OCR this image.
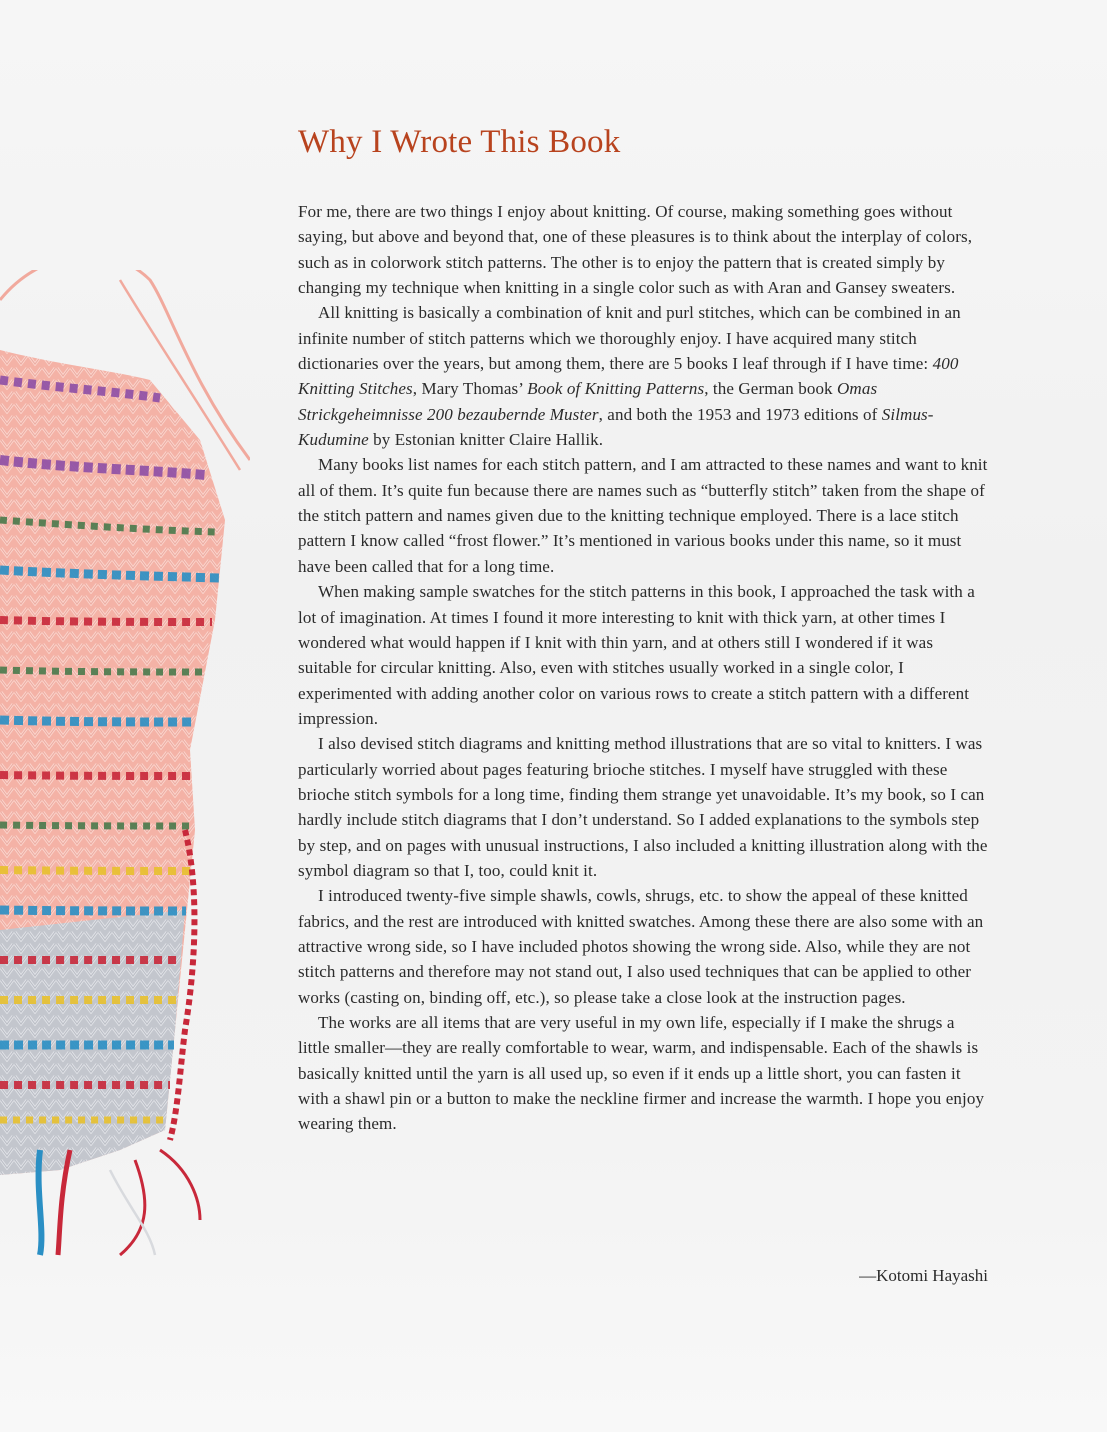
Why I Wrote This Book

For me, there are two things I enjoy about knitting. Of course, making something goes without saying, but above and beyond that, one of these pleasures is to think about the interplay of colors, such as in colorwork stitch patterns. The other is to enjoy the pattern that is created simply by changing my technique when knitting in a single color such as with Aran and Gansey sweaters.

All knitting is basically a combination of knit and purl stitches, which can be combined in an infinite number of stitch patterns which we thoroughly enjoy. I have acquired many stitch dictionaries over the years, but among them, there are 5 books I leaf through if I have time: 400 Knitting Stitches, Mary Thomas’ Book of Knitting Patterns, the German book Omas Strickgeheimnisse 200 bezaubernde Muster, and both the 1953 and 1973 editions of Silmus-Kudumine by Estonian knitter Claire Hallik.

Many books list names for each stitch pattern, and I am attracted to these names and want to knit all of them. It’s quite fun because there are names such as “butterfly stitch” taken from the shape of the stitch pattern and names given due to the knitting technique employed. There is a lace stitch pattern I know called “frost flower.” It’s mentioned in various books under this name, so it must have been called that for a long time.

When making sample swatches for the stitch patterns in this book, I approached the task with a lot of imagination. At times I found it more interesting to knit with thick yarn, at other times I wondered what would happen if I knit with thin yarn, and at others still I wondered if it was suitable for circular knitting. Also, even with stitches usually worked in a single color, I experimented with adding another color on various rows to create a stitch pattern with a different impression.

I also devised stitch diagrams and knitting method illustrations that are so vital to knitters. I was particularly worried about pages featuring brioche stitches. I myself have struggled with these brioche stitch symbols for a long time, finding them strange yet unavoidable. It’s my book, so I can hardly include stitch diagrams that I don’t understand. So I added explanations to the symbols step by step, and on pages with unusual instructions, I also included a knitting illustration along with the symbol diagram so that I, too, could knit it.

I introduced twenty-five simple shawls, cowls, shrugs, etc. to show the appeal of these knitted fabrics, and the rest are introduced with knitted swatches. Among these there are also some with an attractive wrong side, so I have included photos showing the wrong side. Also, while they are not stitch patterns and therefore may not stand out, I also used techniques that can be applied to other works (casting on, binding off, etc.), so please take a close look at the instruction pages.

The works are all items that are very useful in my own life, especially if I make the shrugs a little smaller—they are really comfortable to wear, warm, and indispensable. Each of the shawls is basically knitted until the yarn is all used up, so even if it ends up a little short, you can fasten it with a shawl pin or a button to make the neckline firmer and increase the warmth. I hope you enjoy wearing them.

—Kotomi Hayashi
